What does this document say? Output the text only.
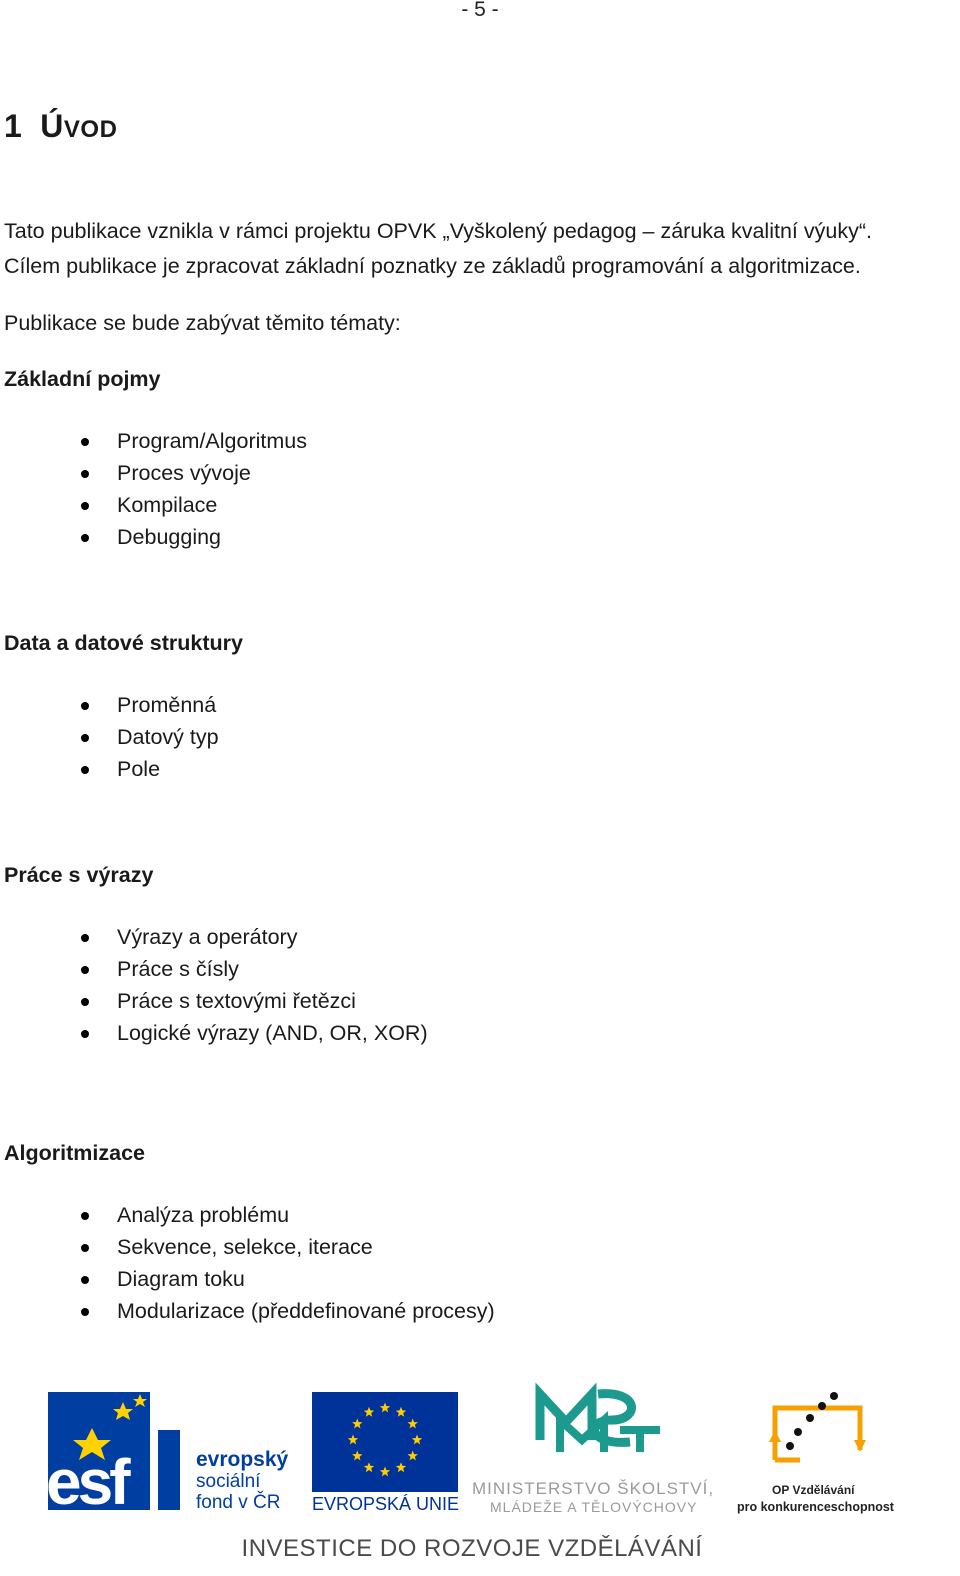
- 5 -
1 ÚVOD

Tato publikace vznikla v rámci projektu OPVK „Vyškolený pedagog – záruka kvalitní výuky“.
Cílem publikace je zpracovat základní poznatky ze základů programování a algoritmizace.

Publikace se bude zabývat těmito tématy:

Základní pojmy
Program/Algoritmus
Proces vývoje
Kompilace
Debugging
Data a datové struktury
Proměnná
Datový typ
Pole
Práce s výrazy
Výrazy a operátory
Práce s čísly
Práce s textovými řetězci
Logické výrazy (AND, OR, XOR)
Algoritmizace
Analýza problému
Sekvence, selekce, iterace
Diagram toku
Modularizace (předdefinované procesy)
esf	evropský
sociální
fond v ČR EVROPSKÁ UNIE
MINISTERSTVO ŠKOLSTVÍ,
MLÁDEŽE A TĚLOVÝCHOVY
OP Vzdělávání
pro konkurenceschopnost
INVESTICE DO ROZVOJE VZDĚLÁVÁNÍ
